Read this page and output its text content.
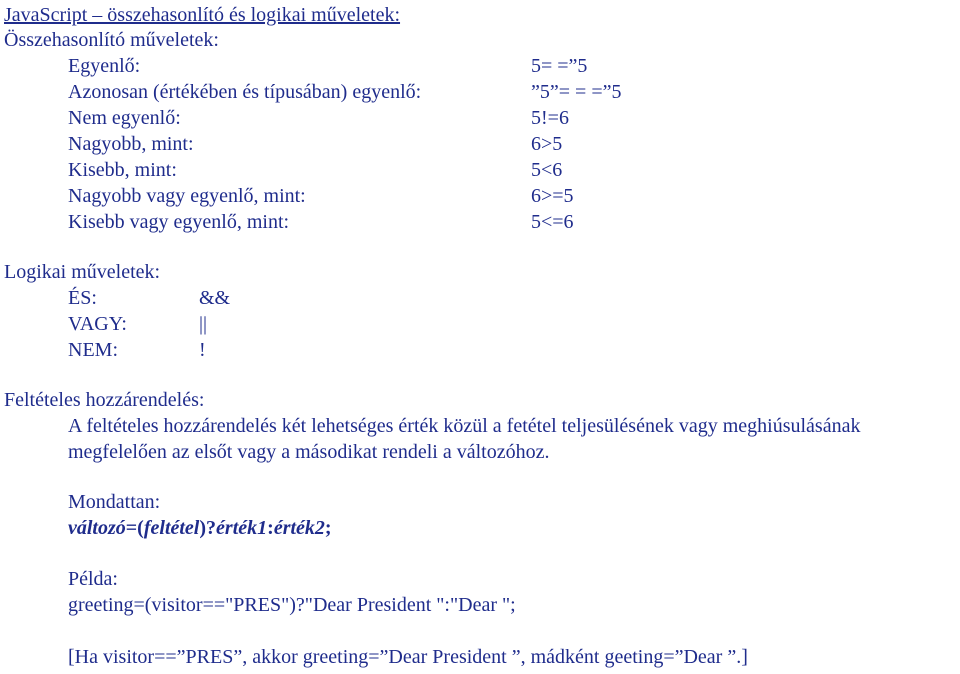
JavaScript – összehasonlító és logikai műveletek:
Összehasonlító műveletek:
Egyenlő:	5= =”5
Azonosan (értékében és típusában) egyenlő:	”5”= = =”5
Nem egyenlő:	5!=6
Nagyobb, mint:	6>5
Kisebb, mint:	5<6
Nagyobb vagy egyenlő, mint:	6>=5
Kisebb vagy egyenlő, mint:	5<=6
Logikai műveletek:
ÉS:	&&
VAGY:	||
NEM:	!
Feltételes hozzárendelés:
A feltételes hozzárendelés két lehetséges érték közül a fetétel teljesülésének vagy meghiúsulásának
megfelelően az elsőt vagy a másodikat rendeli a változóhoz.
Mondattan:
változó=(feltétel)?érték1:érték2;
Példa:
greeting=(visitor=="PRES")?"Dear President ":"Dear ";
[Ha visitor==”PRES”, akkor greeting=”Dear President ”, mádként geeting=”Dear ”.]
